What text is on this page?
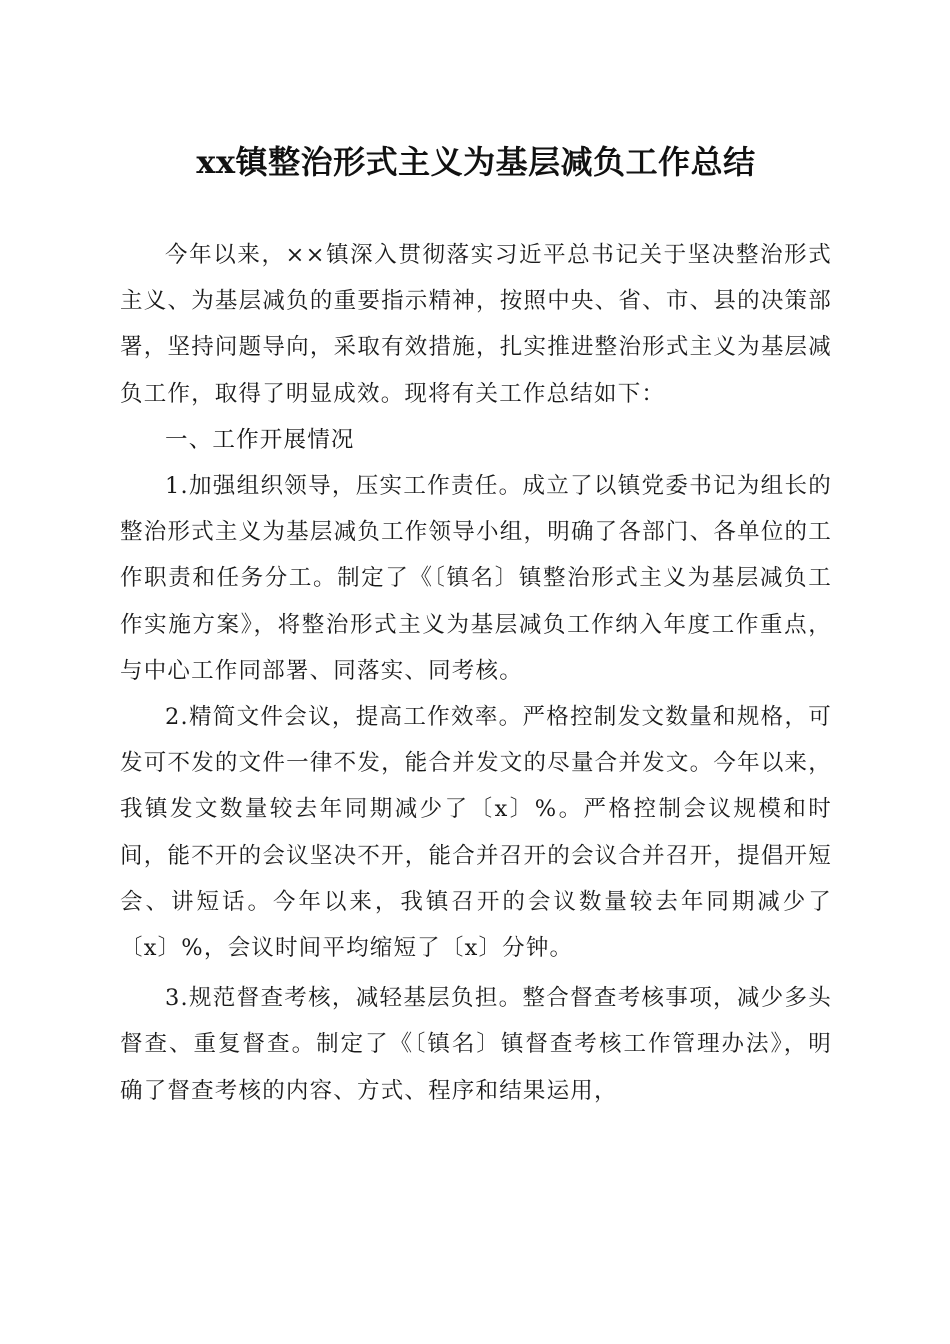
xx镇整治形式主义为基层减负工作总结

今年以来，××镇深入贯彻落实习近平总书记关于坚决整治形式主义、为基层减负的重要指示精神，按照中央、省、市、县的决策部署，坚持问题导向，采取有效措施，扎实推进整治形式主义为基层减负工作，取得了明显成效。现将有关工作总结如下：

一、工作开展情况

1.加强组织领导，压实工作责任。成立了以镇党委书记为组长的整治形式主义为基层减负工作领导小组，明确了各部门、各单位的工作职责和任务分工。制定了《〔镇名〕镇整治形式主义为基层减负工作实施方案》，将整治形式主义为基层减负工作纳入年度工作重点，与中心工作同部署、同落实、同考核。

2.精简文件会议，提高工作效率。严格控制发文数量和规格，可发可不发的文件一律不发，能合并发文的尽量合并发文。今年以来，我镇发文数量较去年同期减少了〔x〕%。严格控制会议规模和时间，能不开的会议坚决不开，能合并召开的会议合并召开，提倡开短会、讲短话。今年以来，我镇召开的会议数量较去年同期减少了〔x〕%，会议时间平均缩短了〔x〕分钟。

3.规范督查考核，减轻基层负担。整合督查考核事项，减少多头督查、重复督查。制定了《〔镇名〕镇督查考核工作管理办法》，明确了督查考核的内容、方式、程序和结果运用，
